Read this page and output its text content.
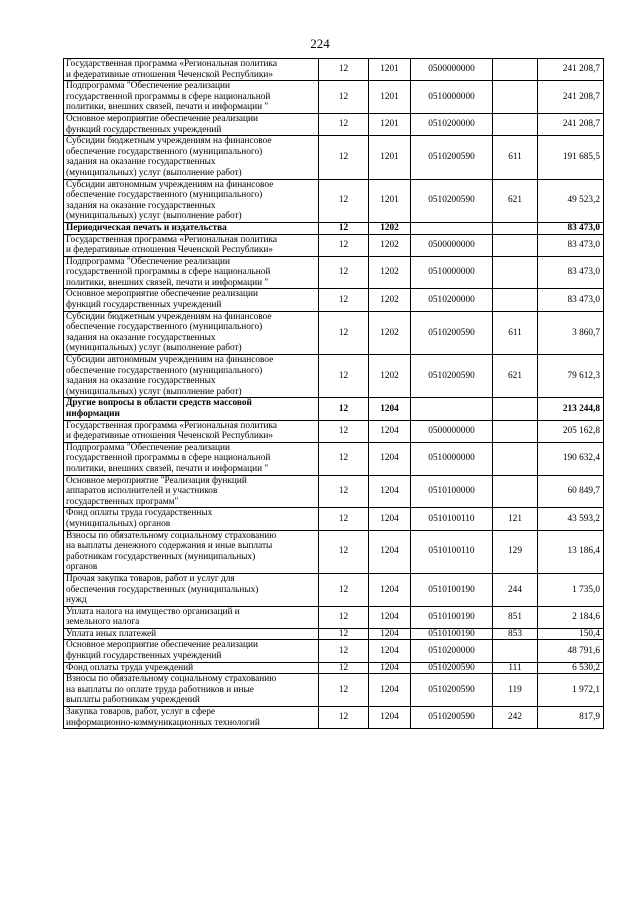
224
Государственная программа «Региональная политика
и федеративные отношения Чеченской Республики»	12	1201	0500000000		241 208,7
Подпрограмма "Обеспечение реализации
государственной программы в сфере национальной
политики, внешних связей, печати и информации "	12	1201	0510000000		241 208,7
Основное мероприятие обеспечение реализации
функций государственных учреждений	12	1201	0510200000		241 208,7
Субсидии бюджетным учреждениям на финансовое
обеспечение государственного (муниципального)
задания на оказание государственных
(муниципальных) услуг (выполнение работ)	12	1201	0510200590	611	191 685,5
Субсидии автономным учреждениям на финансовое
обеспечение государственного (муниципального)
задания на оказание государственных
(муниципальных) услуг (выполнение работ)	12	1201	0510200590	621	49 523,2
Периодическая печать и издательства	12	1202			83 473,0
Государственная программа «Региональная политика
и федеративные отношения Чеченской Республики»	12	1202	0500000000		83 473,0
Подпрограмма "Обеспечение реализации
государственной программы в сфере национальной
политики, внешних связей, печати и информации "	12	1202	0510000000		83 473,0
Основное мероприятие обеспечение реализации
функций государственных учреждений	12	1202	0510200000		83 473,0
Субсидии бюджетным учреждениям на финансовое
обеспечение государственного (муниципального)
задания на оказание государственных
(муниципальных) услуг (выполнение работ)	12	1202	0510200590	611	3 860,7
Субсидии автономным учреждениям на финансовое
обеспечение государственного (муниципального)
задания на оказание государственных
(муниципальных) услуг (выполнение работ)	12	1202	0510200590	621	79 612,3
Другие вопросы в области средств массовой
информации	12	1204			213 244,8
Государственная программа «Региональная политика
и федеративные отношения Чеченской Республики»	12	1204	0500000000		205 162,8
Подпрограмма "Обеспечение реализации
государственной программы в сфере национальной
политики, внешних связей, печати и информации "	12	1204	0510000000		190 632,4
Основное мероприятие "Реализация функций
аппаратов исполнителей и участников
государственных программ"	12	1204	0510100000		60 849,7
Фонд оплаты труда государственных
(муниципальных) органов	12	1204	0510100110	121	43 593,2
Взносы по обязательному социальному страхованию
на выплаты денежного содержания и иные выплаты
работникам государственных (муниципальных)
органов	12	1204	0510100110	129	13 186,4
Прочая закупка товаров, работ и услуг для
обеспечения государственных (муниципальных)
нужд	12	1204	0510100190	244	1 735,0
Уплата налога на имущество организаций и
земельного налога	12	1204	0510100190	851	2 184,6
Уплата иных платежей	12	1204	0510100190	853	150,4
Основное мероприятие обеспечение реализации
функций государственных учреждений	12	1204	0510200000		48 791,6
Фонд оплаты труда учреждений	12	1204	0510200590	111	6 530,2
Взносы по обязательному социальному страхованию
на выплаты по оплате труда работников и иные
выплаты работникам учреждений	12	1204	0510200590	119	1 972,1
Закупка товаров, работ, услуг в сфере
информационно-коммуникационных технологий	12	1204	0510200590	242	817,9
